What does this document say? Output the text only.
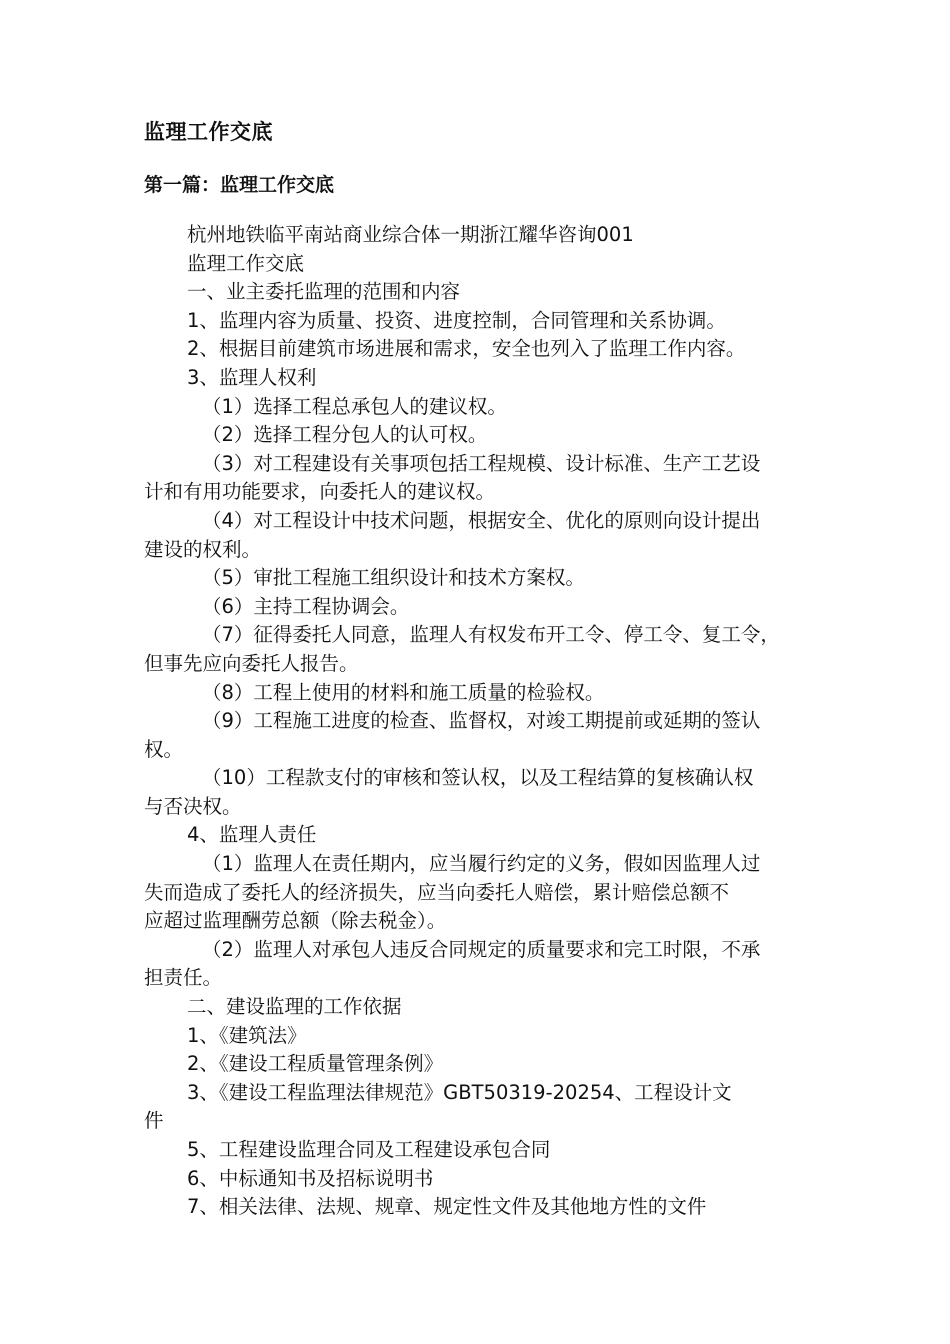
监理工作交底
第一篇：监理工作交底

杭州地铁临平南站商业综合体一期浙江耀华咨询001

监理工作交底

一、业主委托监理的范围和内容

1、监理内容为质量、投资、进度控制，合同管理和关系协调。

2、根据目前建筑市场进展和需求，安全也列入了监理工作内容。

3、监理人权利

（1）选择工程总承包人的建议权。

（2）选择工程分包人的认可权。

（3）对工程建设有关事项包括工程规模、设计标准、生产工艺设

计和有用功能要求，向委托人的建议权。

（4）对工程设计中技术问题，根据安全、优化的原则向设计提出

建设的权利。

（5）审批工程施工组织设计和技术方案权。

（6）主持工程协调会。

（7）征得委托人同意，监理人有权发布开工令、停工令、复工令，

但事先应向委托人报告。

（8）工程上使用的材料和施工质量的检验权。

（9）工程施工进度的检查、监督权，对竣工期提前或延期的签认

权。

（10）工程款支付的审核和签认权，以及工程结算的复核确认权

与否决权。

4、监理人责任

（1）监理人在责任期内，应当履行约定的义务，假如因监理人过

失而造成了委托人的经济损失，应当向委托人赔偿，累计赔偿总额不

应超过监理酬劳总额（除去税金）。

（2）监理人对承包人违反合同规定的质量要求和完工时限，不承

担责任。

二、建设监理的工作依据

1、《建筑法》

2、《建设工程质量管理条例》

3、《建设工程监理法律规范》GBT50319-20254、工程设计文

件

5、工程建设监理合同及工程建设承包合同

6、中标通知书及招标说明书

7、相关法律、法规、规章、规定性文件及其他地方性的文件
